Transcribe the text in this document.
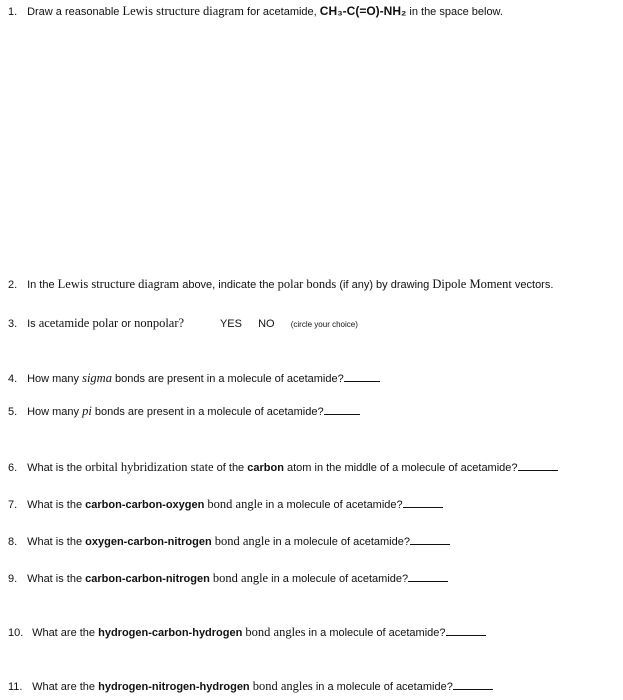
1. Draw a reasonable Lewis structure diagram for acetamide, CH₃-C(=O)-NH₂ in the space below.
2. In the Lewis structure diagram above, indicate the polar bonds (if any) by drawing Dipole Moment vectors.
3. Is acetamide polar or nonpolar?	YES NO (circle your choice)
4. How many sigma bonds are present in a molecule of acetamide?
5. How many pi bonds are present in a molecule of acetamide?
6. What is the orbital hybridization state of the carbon atom in the middle of a molecule of acetamide?
7. What is the carbon-carbon-oxygen bond angle in a molecule of acetamide?
8. What is the oxygen-carbon-nitrogen bond angle in a molecule of acetamide?
9. What is the carbon-carbon-nitrogen bond angle in a molecule of acetamide?
10. What are the hydrogen-carbon-hydrogen bond angles in a molecule of acetamide?
11. What are the hydrogen-nitrogen-hydrogen bond angles in a molecule of acetamide?
